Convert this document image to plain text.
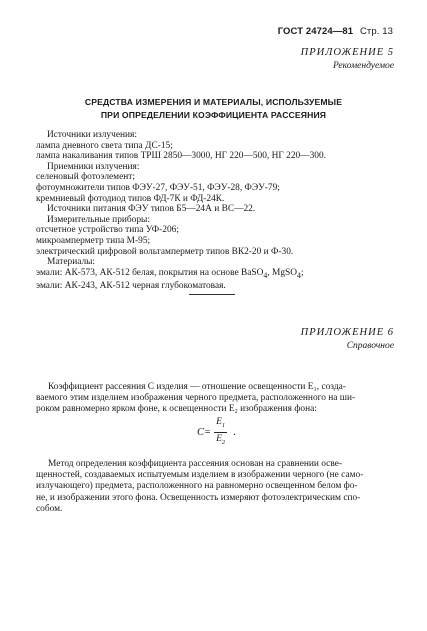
ГОСТ 24724—81 Стр. 13
ПРИЛОЖЕНИЕ 5
Рекомендуемое
СРЕДСТВА ИЗМЕРЕНИЯ И МАТЕРИАЛЫ, ИСПОЛЬЗУЕМЫЕ
ПРИ ОПРЕДЕЛЕНИИ КОЭФФИЦИЕНТА РАССЕЯНИЯ
Источники излучения:
лампа дневного света типа ДС-15;
лампа накаливания типов ТРШ 2850—3000, НГ 220—500, НГ 220—300.
Приемники излучения:
селеновый фотоэлемент;
фотоумножители типов ФЭУ-27, ФЭУ-51, ФЭУ-28, ФЭУ-79;
кремниевый фотодиод типов ФД-7К и ФД-24К.
Источники питания ФЭУ типов Б5—24А и ВС—22.
Измерительные приборы:
отсчетное устройство типа УФ-206;
микроамперметр типа М-95;
электрический цифровой вольтамперметр типов ВК2-20 и Ф-30.
Материалы:
эмали: АК-573, АК-512 белая, покрытия на основе BaSO$_4$, MgSO$_4$;
эмали: АК-243, АК-512 черная глубокоматовая.
ПРИЛОЖЕНИЕ 6
Справочное
Коэффициент рассеяния C изделия — отношение освещенности E₁, созда-
ваемого этим изделием изображения черного предмета, расположенного на ши-
роком равномерно ярком фоне, к освещенности E₂ изображения фона:
$C= \frac{E_1}{E_2}$ .
Метод определения коэффициента рассеяния основан на сравнении осве-
щенностей, создаваемых испытуемым изделием в изображении черного (не само-
излучающего) предмета, расположенного на равномерно освещенном белом фо-
не, и изображении этого фона. Освещенность измеряют фотоэлектрическим спо-
собом.
